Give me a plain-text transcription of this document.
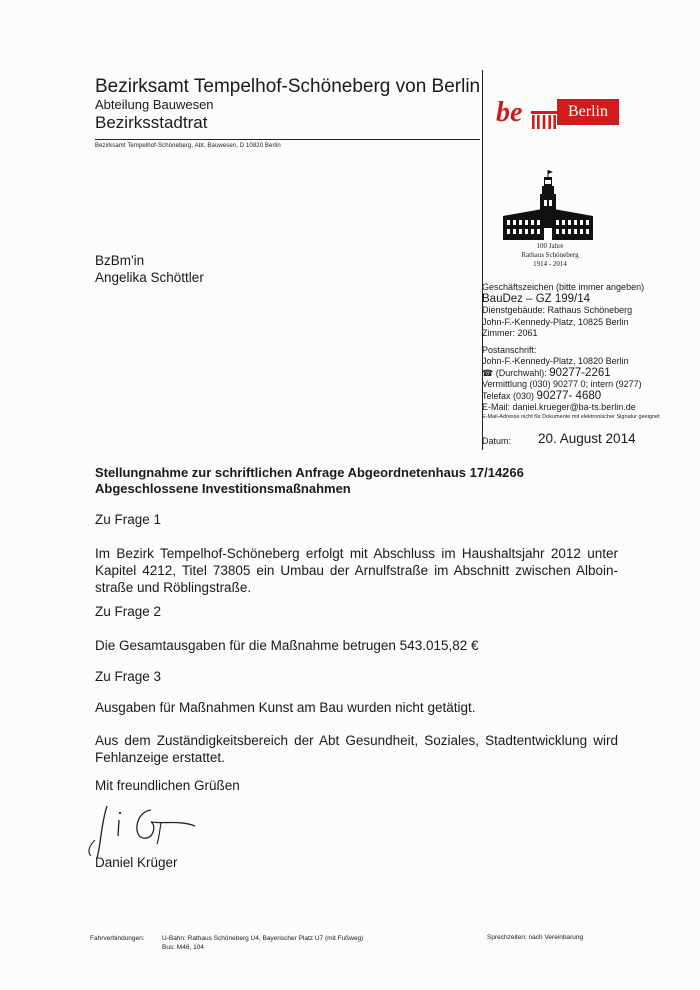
Bezirksamt Tempelhof-Schöneberg von Berlin
Abteilung Bauwesen
Bezirksstadtrat
Bezirksamt Tempelhof-Schöneberg, Abt. Bauwesen, D 10820 Berlin
be	Berlin
100 Jahre
Rathaus Schöneberg
1914 - 2014
BzBm'in
Angelika Schöttler
Geschäftszeichen (bitte immer angeben)
BauDez – GZ 199/14
Dienstgebäude: Rathaus Schöneberg
John-F.-Kennedy-Platz, 10825 Berlin
Zimmer: 2061
Postanschrift:
John-F.-Kennedy-Platz, 10820 Berlin
☎ (Durchwahl): 90277-2261
Vermittlung (030) 90277 0; intern (9277)
Telefax (030) 90277- 4680
E-Mail: daniel.krueger@ba-ts.berlin.de
E-Mail-Adresse nicht für Dokumente mit elektronischer Signatur geeignet
Datum: 20. August 2014
Stellungnahme zur schriftlichen Anfrage Abgeordnetenhaus 17/14266
Abgeschlossene Investitionsmaßnahmen
Zu Frage 1
Im Bezirk Tempelhof-Schöneberg erfolgt mit Abschluss im Haushaltsjahr 2012 unter Kapitel 4212, Titel 73805 ein Umbau der Arnulfstraße im Abschnitt zwischen Alboin-straße und Röblingstraße.
Zu Frage 2
Die Gesamtausgaben für die Maßnahme betrugen 543.015,82 €
Zu Frage 3
Ausgaben für Maßnahmen Kunst am Bau wurden nicht getätigt.
Aus dem Zuständigkeitsbereich der Abt Gesundheit, Soziales, Stadtentwicklung wird Fehlanzeige erstattet.
Mit freundlichen Grüßen
Daniel Krüger
Fahrverbindungen:	U-Bahn: Rathaus Schöneberg U4, Bayerischer Platz U7 (mit Fußweg)
Bus: M46, 104
Sprechzeiten: nach Vereinbarung
